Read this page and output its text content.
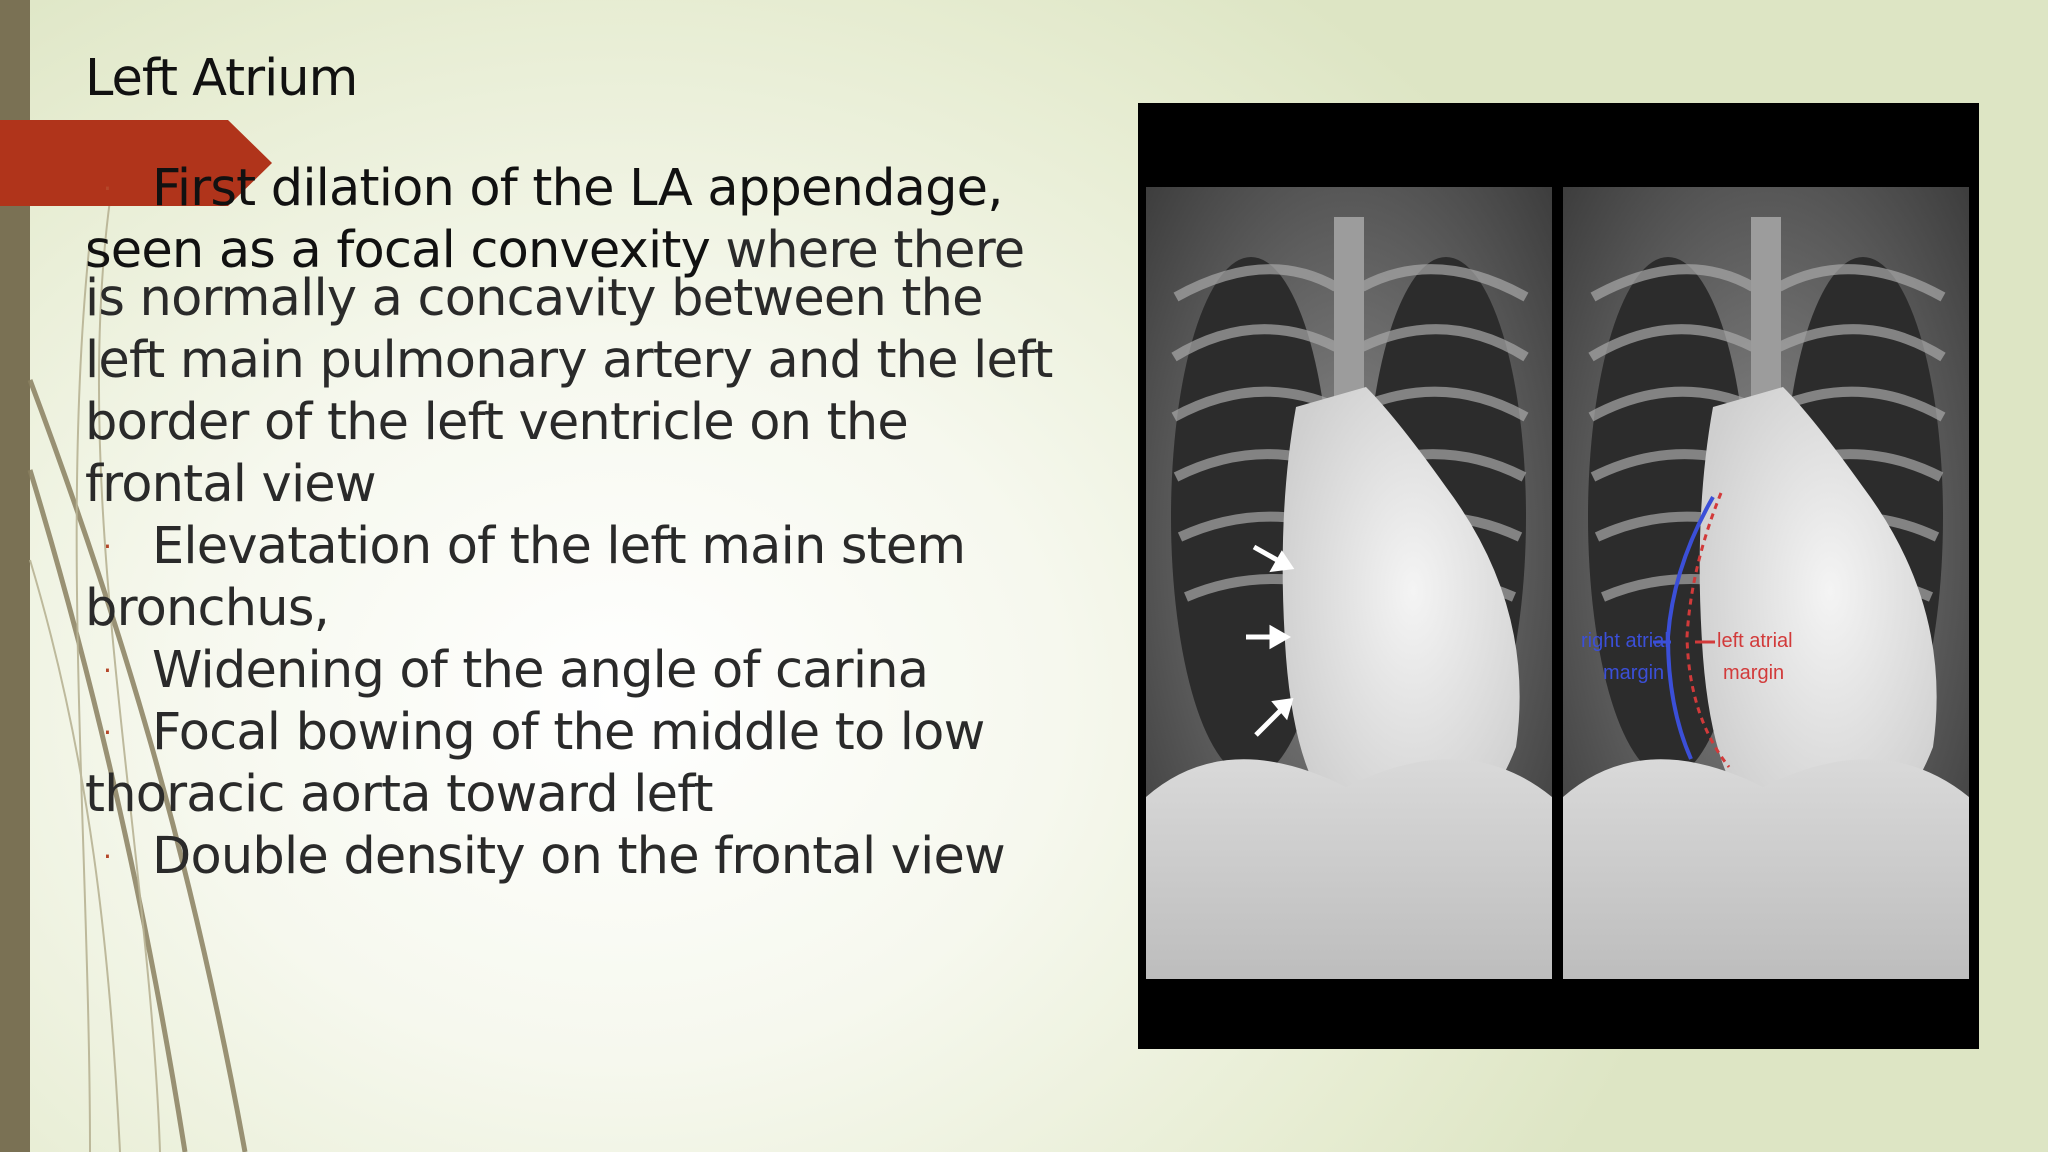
Left Atrium
· First dilation of the LA appendage,
seen as a focal convexity where there
is normally a concavity between the
left main pulmonary artery and the left
border of the left ventricle on the
frontal view
· Elevatation of the left main stem
bronchus,
· Widening of the angle of carina
· Focal bowing of the middle to low
thoracic aorta toward left
· Double density on the frontal view
right atrial
margin
left atrial
margin
